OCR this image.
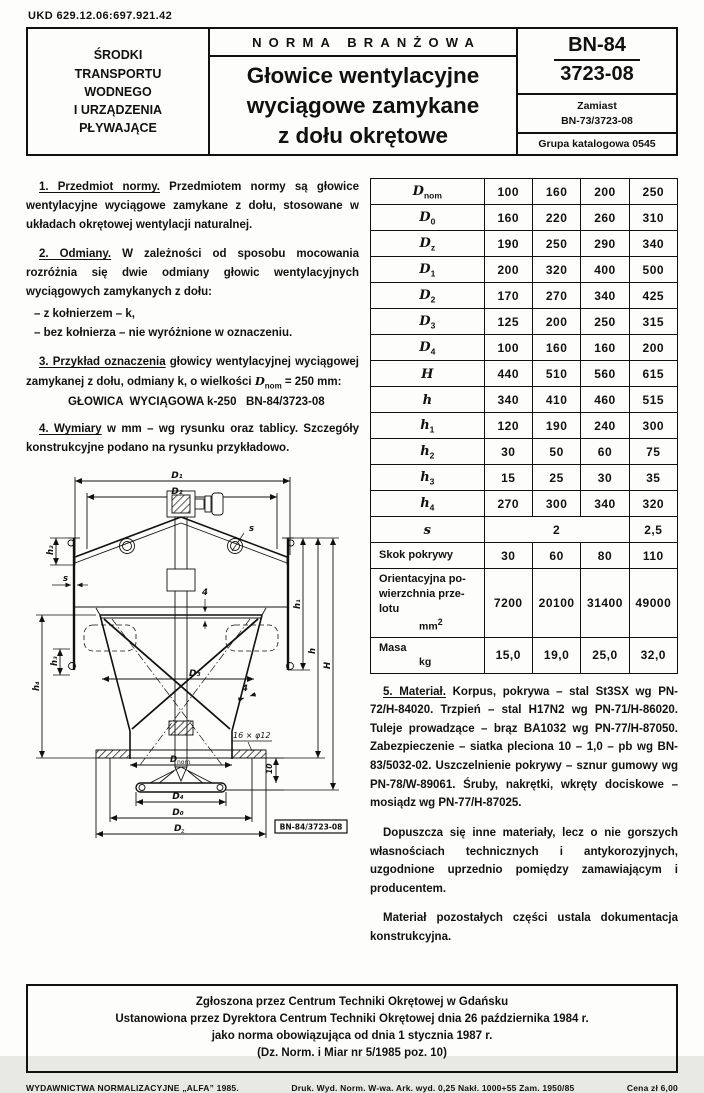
UKD 629.12.06:697.921.42
ŚRODKI
TRANSPORTU
WODNEGO
I URZĄDZENIA
PŁYWAJĄCE
NORMA BRANŻOWA
Głowice wentylacyjne
wyciągowe zamykane
z dołu okrętowe
BN-84
3723-08
Zamiast
BN-73/3723-08
Grupa katalogowa 0545

1. Przedmiot normy. Przedmiotem normy są głowice wentylacyjne wyciągowe zamykane z dołu, stosowane w układach okrętowej wentylacji naturalnej.

2. Odmiany. W zależności od sposobu mocowania rozróżnia się dwie odmiany głowic wentylacyjnych wyciągowych zamykanych z dołu:

– z kołnierzem – k,
– bez kołnierza – nie wyróżnione w oznaczeniu.

3. Przykład oznaczenia głowicy wentylacyjnej wyciągowej zamykanej z dołu, odmiany k, o wielkości $D_{nom} = 250$ mm:

GŁOWICA  WYCIĄGOWA k-250   BN-84/3723-08

4. Wymiary w mm – wg rysunku oraz tablicy. Szczegóły konstrukcyjne podano na rysunku przykładowo.

D₁
D₂
s
h₂
s
h₃
h₄
h₁
h
H
4
D₃
4
16 × φ12
10
D nom
D₄
D₀
D z	BN-84/3723-08
$D_{nom}$	100	160	200	250
$D_0$	160	220	260	310
$D_z$	190	250	290	340
$D_1$	200	320	400	500
$D_2$	170	270	340	425
$D_3$	125	200	250	315
$D_4$	100	160	160	200
H	440	510	560	615
h	340	410	460	515
$h_1$	120	190	240	300
$h_2$	30	50	60	75
$h_3$	15	25	30	35
$h_4$	270	300	340	320
s	2			2,5

Skok pokrywy	30	60	80	110

Orientacyjna po-
wierzchnia prze-
lotu
$mm^2$	7200	20100	31400	49000

Masa
kg	15,0	19,0	25,0	32,0

5. Materiał. Korpus, pokrywa – stal St3SX wg PN-72/H-84020. Trzpień – stal H17N2 wg PN-71/H-86020. Tuleje prowadzące – brąz BA1032 wg PN-77/H-87050. Zabezpieczenie – siatka pleciona 10 – 1,0 – pb wg BN-83/5032-02. Uszczelnienie pokrywy – sznur gumowy wg PN-78/W-89061. Śruby, nakrętki, wkręty dociskowe – mosiądz wg PN-77/H-87025.

Dopuszcza się inne materiały, lecz o nie gorszych własnościach technicznych i antykorozyjnych, uzgodnione uprzednio pomiędzy zamawiającym i producentem.

Materiał pozostałych części ustala dokumentacja konstrukcyjna.

Zgłoszona przez Centrum Techniki Okrętowej w Gdańsku
Ustanowiona przez Dyrektora Centrum Techniki Okrętowej dnia 26 października 1984 r.
jako norma obowiązująca od dnia 1 stycznia 1987 r.
(Dz. Norm. i Miar nr 5/1985 poz. 10)
WYDAWNICTWA NORMALIZACYJNE „ALFA” 1985.	Druk. Wyd. Norm. W-wa. Ark. wyd. 0,25 Nakł. 1000+55 Zam. 1950/85	Cena zł 6,00
